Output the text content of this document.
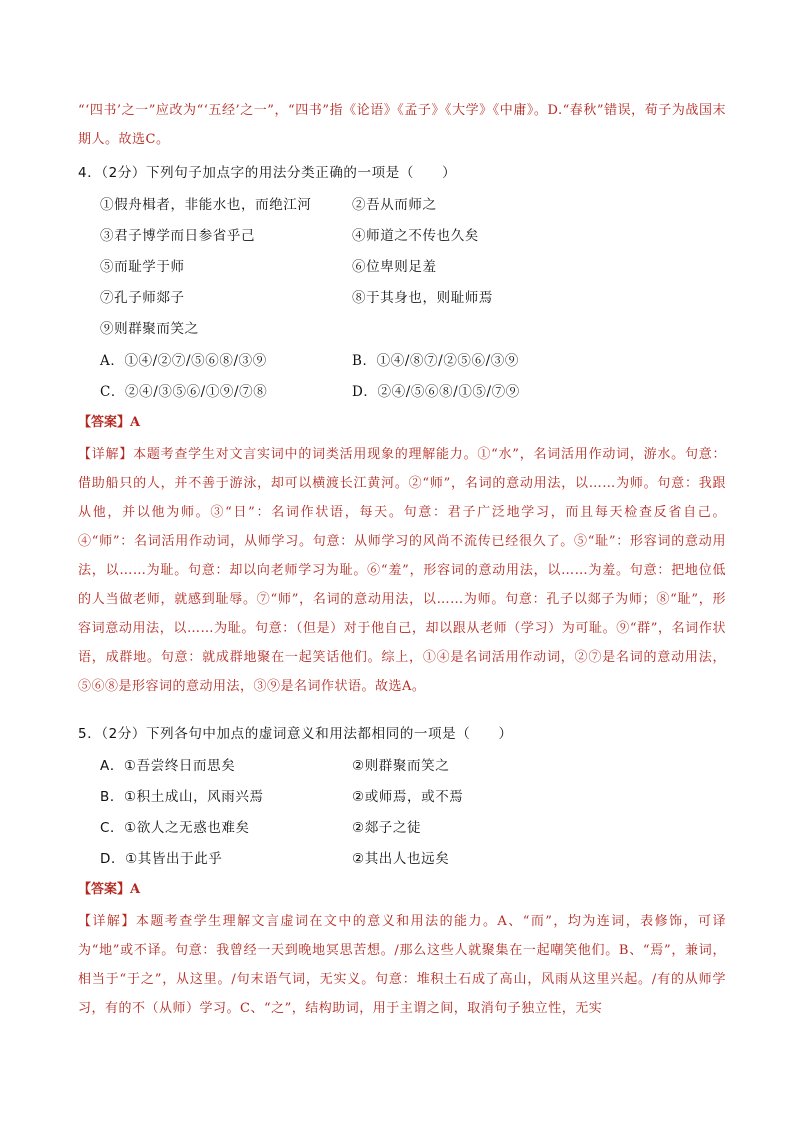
“‘四书’之一”应改为“‘五经’之一”，“四书”指《论语》《孟子》《大学》《中庸》。D.“春秋”错误，荀子为战国末期人。故选C。
4．（2分）下列句子加点字的用法分类正确的一项是（　　）
①假舟楫者，非能水也，而绝江河	②吾从而师之
③君子博学而日参省乎己	④师道之不传也久矣
⑤而耻学于师	⑥位卑则足羞
⑦孔子师郯子	⑧于其身也，则耻师焉
⑨则群聚而笑之
A．①④/②⑦/⑤⑥⑧/③⑨	B．①④/⑧⑦/②⑤⑥/③⑨
C．②④/③⑤⑥/①⑨/⑦⑧	D．②④/⑤⑥⑧/①⑤/⑦⑨
【答案】A
【详解】本题考查学生对文言实词中的词类活用现象的理解能力。①“水”，名词活用作动词，游水。句意：借助船只的人，并不善于游泳，却可以横渡长江黄河。②“师”，名词的意动用法，以……为师。句意：我跟从他，并以他为师。③“日”：名词作状语，每天。句意：君子广泛地学习，而且每天检查反省自己。④“师”：名词活用作动词，从师学习。句意：从师学习的风尚不流传已经很久了。⑤“耻”：形容词的意动用法，以……为耻。句意：却以向老师学习为耻。⑥“羞”，形容词的意动用法，以……为羞。句意：把地位低的人当做老师，就感到耻辱。⑦“师”，名词的意动用法，以……为师。句意：孔子以郯子为师；⑧“耻”，形容词意动用法，以……为耻。句意：（但是）对于他自己，却以跟从老师（学习）为可耻。⑨“群”，名词作状语，成群地。句意：就成群地聚在一起笑话他们。综上，①④是名词活用作动词，②⑦是名词的意动用法，⑤⑥⑧是形容词的意动用法，③⑨是名词作状语。故选A。
5．（2分）下列各句中加点的虚词意义和用法都相同的一项是（　　）
A．①吾尝终日而思矣	②则群聚而笑之
B．①积土成山，风雨兴焉	②或师焉，或不焉
C．①欲人之无惑也难矣	②郯子之徒
D．①其皆出于此乎	②其出人也远矣
【答案】A
【详解】本题考查学生理解文言虚词在文中的意义和用法的能力。A、“而”，均为连词，表修饰，可译为“地”或不译。句意：我曾经一天到晚地冥思苦想。/那么这些人就聚集在一起嘲笑他们。B、“焉”，兼词，相当于“于之”，从这里。/句末语气词，无实义。句意：堆积土石成了高山，风雨从这里兴起。/有的从师学习，有的不（从师）学习。C、“之”，结构助词，用于主谓之间，取消句子独立性，无实
